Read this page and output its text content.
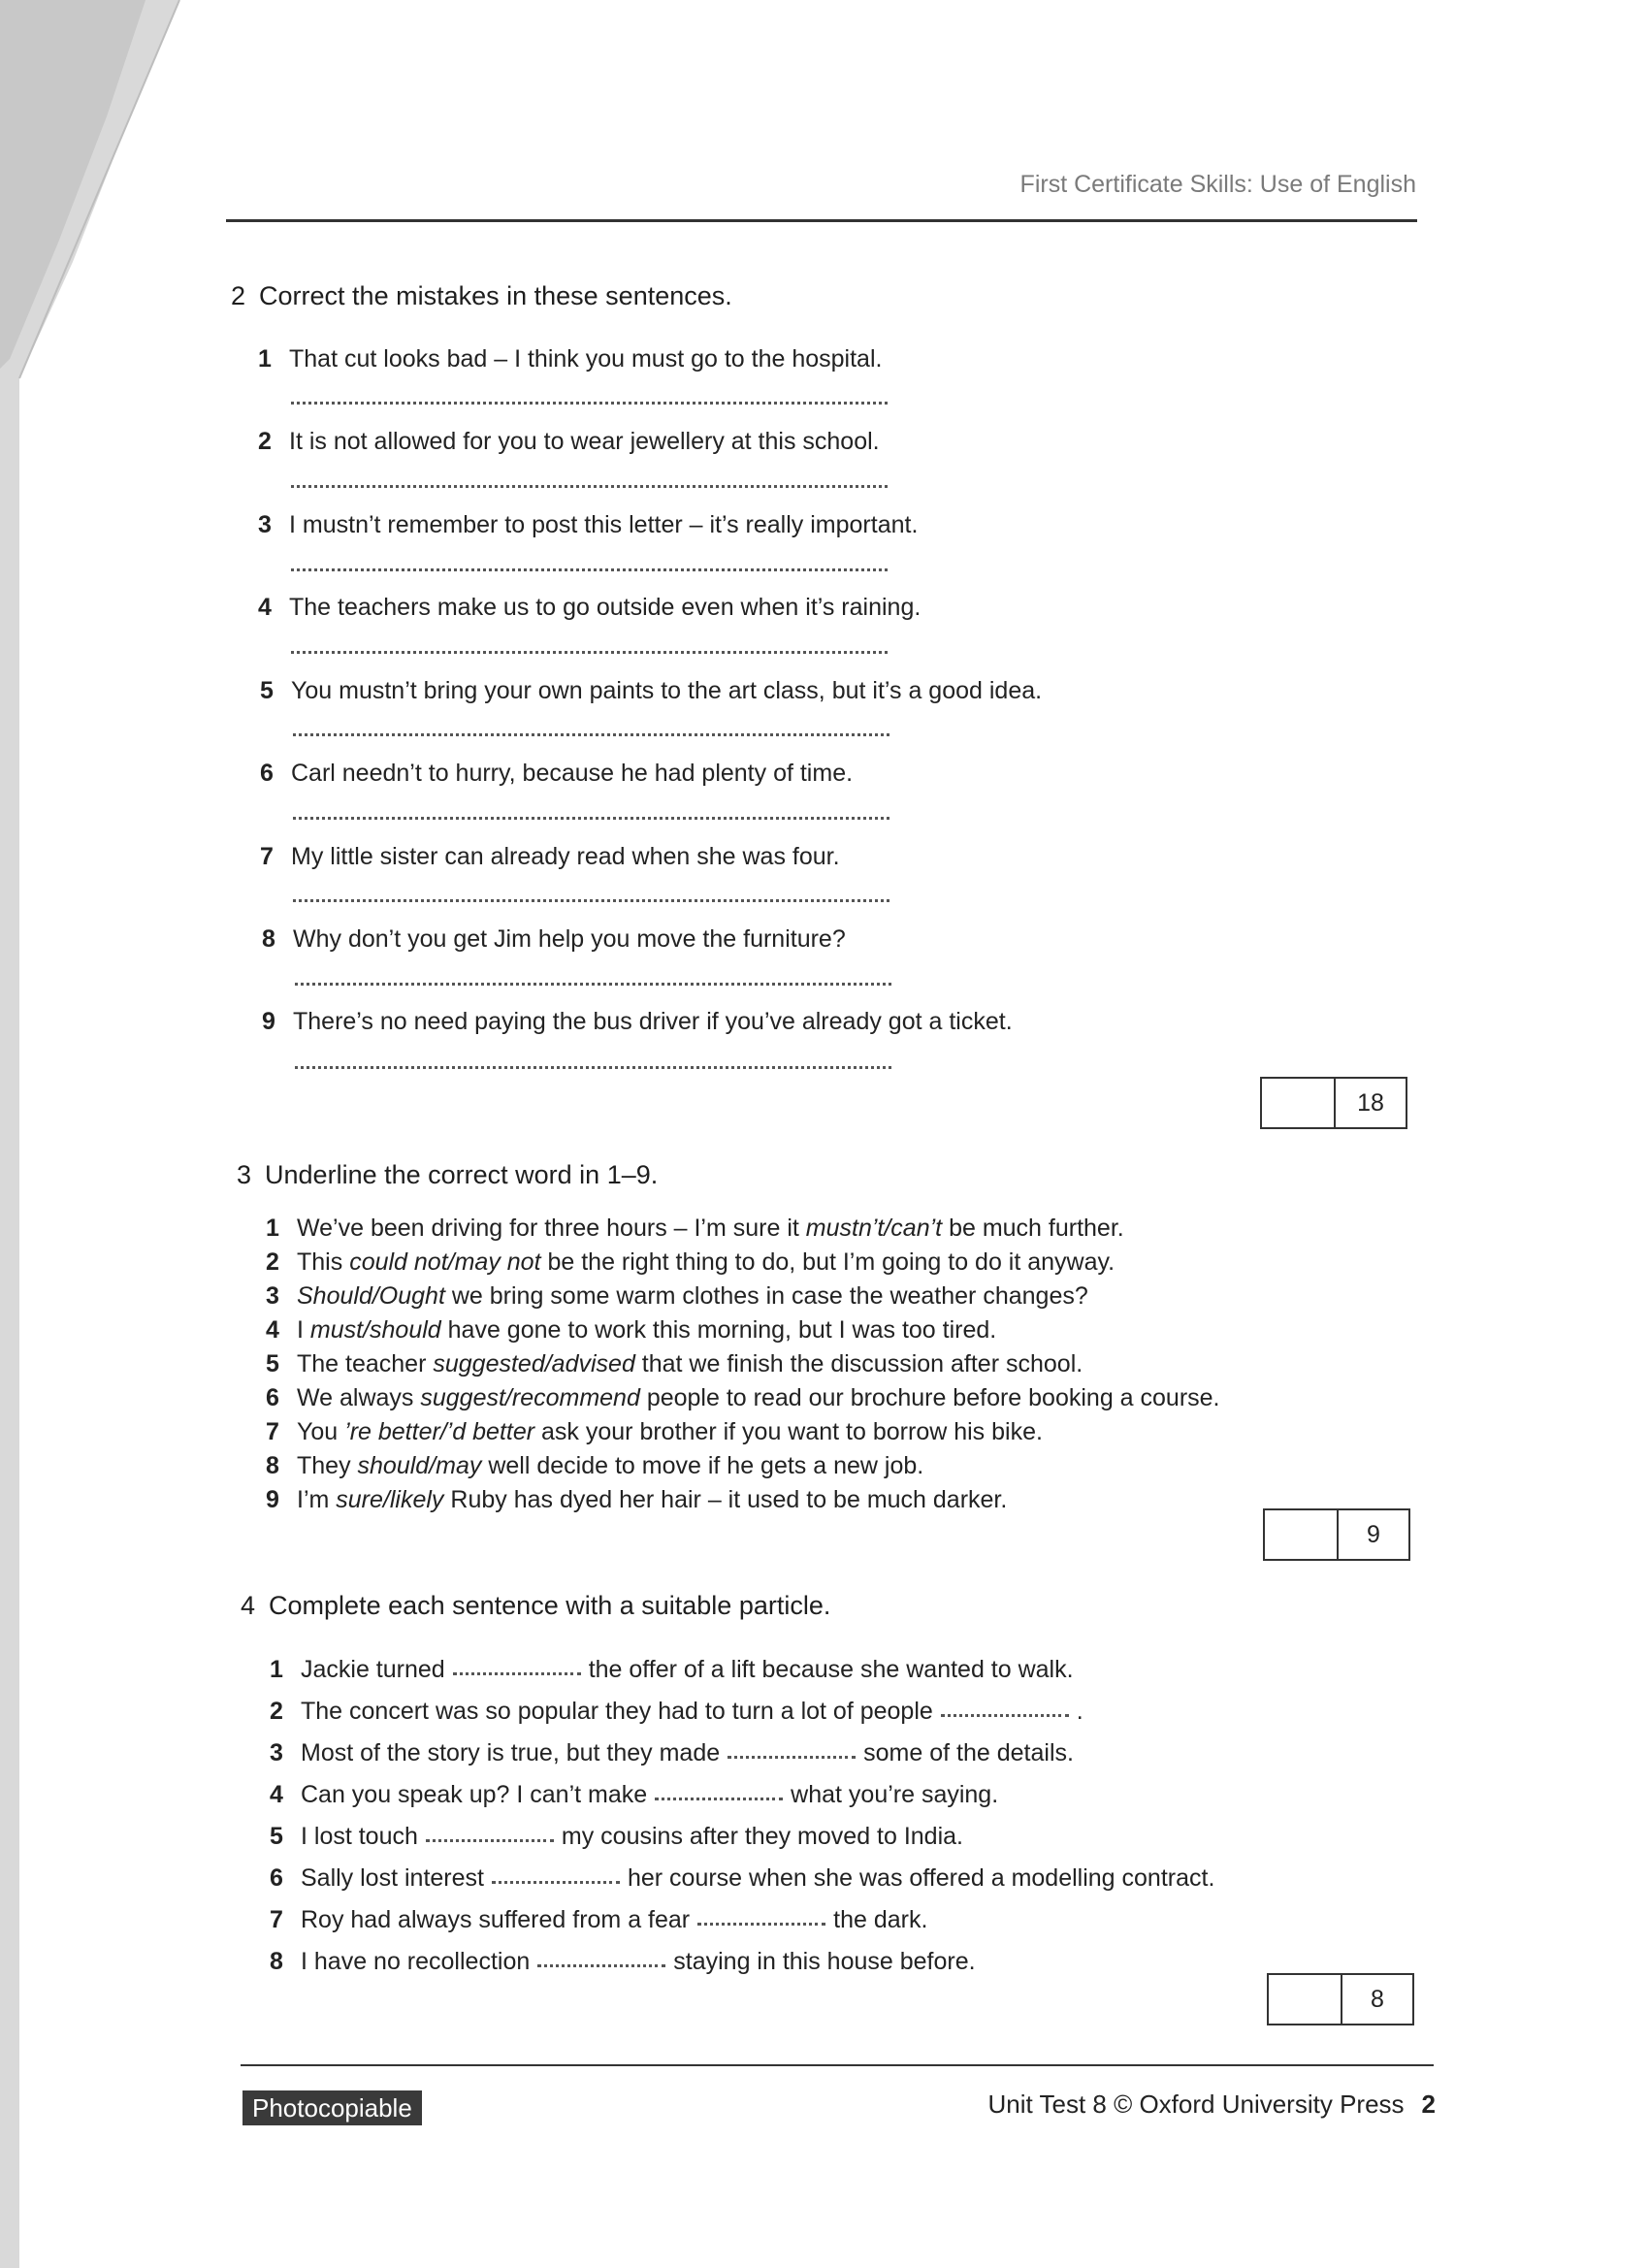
First Certificate Skills: Use of English
2 Correct the mistakes in these sentences.
1 That cut looks bad – I think you must go to the hospital.
2 It is not allowed for you to wear jewellery at this school.
3 I mustn’t remember to post this letter – it’s really important.
4 The teachers make us to go outside even when it’s raining.
5 You mustn’t bring your own paints to the art class, but it’s a good idea.
6 Carl needn’t to hurry, because he had plenty of time.
7 My little sister can already read when she was four.
8 Why don’t you get Jim help you move the furniture?
9 There’s no need paying the bus driver if you’ve already got a ticket.
18
3 Underline the correct word in 1–9.
1 We’ve been driving for three hours – I’m sure it mustn’t/can’t be much further.
2 This could not/may not be the right thing to do, but I’m going to do it anyway.
3 Should/Ought we bring some warm clothes in case the weather changes?
4 I must/should have gone to work this morning, but I was too tired.
5 The teacher suggested/advised that we finish the discussion after school.
6 We always suggest/recommend people to read our brochure before booking a course.
7 You ’re better/’d better ask your brother if you want to borrow his bike.
8 They should/may well decide to move if he gets a new job.
9 I’m sure/likely Ruby has dyed her hair – it used to be much darker.
9
4 Complete each sentence with a suitable particle.
1 Jackie turned	the offer of a lift because she wanted to walk.
2 The concert was so popular they had to turn a lot of people	.
3 Most of the story is true, but they made	some of the details.
4 Can you speak up? I can’t make	what you’re saying.
5 I lost touch	my cousins after they moved to India.
6 Sally lost interest	her course when she was offered a modelling contract.
7 Roy had always suffered from a fear	the dark.
8 I have no recollection	staying in this house before.
8
Photocopiable	Unit Test 8 © Oxford University Press 2
